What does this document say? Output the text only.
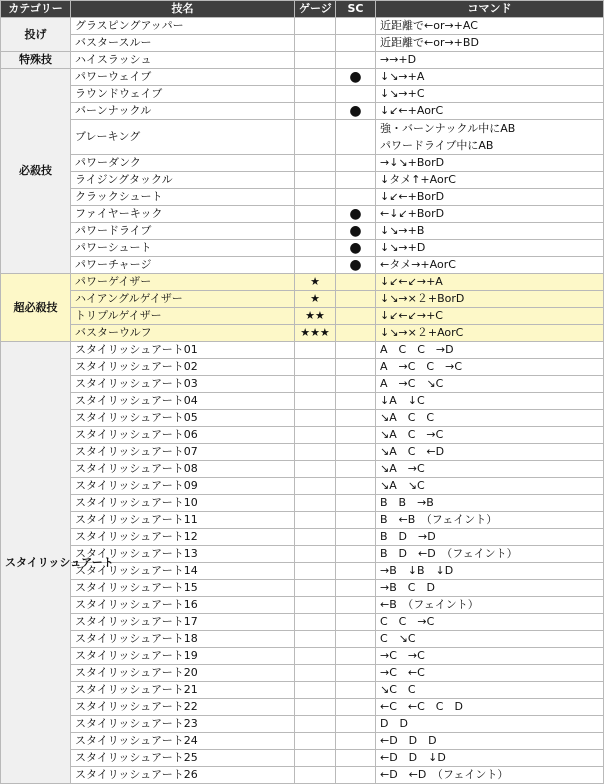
カテゴリー	技名	ゲージ	SC	コマンド
投げ	グラスピングアッパー			近距離で←or→+AC
	バスタースルー			近距離で←or→+BD
特殊技	ハイスラッシュ			→→+D
必殺技	パワーウェイブ		●	↓↘→+A
	ラウンドウェイブ			↓↘→+C
	バーンナックル		●	↓↙←+AorC
	ブレーキング			強・バーンナックル中にAB
パワードライブ中にAB

	パワーダンク			→↓↘+BorD
	ライジングタックル			↓タメ↑+AorC
	クラックシュート			↓↙←+BorD
	ファイヤーキック		●	←↓↙+BorD
	パワードライブ		●	↓↘→+B
	パワーシュート		●	↓↘→+D
	パワーチャージ		●	←タメ→+AorC
超必殺技	パワーゲイザー	★		↓↙←↙→+A
	ハイアングルゲイザー	★		↓↘→×２+BorD
	トリプルゲイザー	★★		↓↙←↙→+C
	バスターウルフ	★★★		↓↘→×２+AorC
スタイリッシュアート	スタイリッシュアート01			A　C　C　→D
	スタイリッシュアート02			A　→C　C　→C
	スタイリッシュアート03			A　→C　↘C
	スタイリッシュアート04			↓A　↓C
	スタイリッシュアート05			↘A　C　C
	スタイリッシュアート06			↘A　C　→C
	スタイリッシュアート07			↘A　C　←D
	スタイリッシュアート08			↘A　→C
	スタイリッシュアート09			↘A　↘C
	スタイリッシュアート10			B　B　→B
	スタイリッシュアート11			B　←B　（フェイント）
	スタイリッシュアート12			B　D　→D
	スタイリッシュアート13			B　D　←D　（フェイント）
	スタイリッシュアート14			→B　↓B　↓D
	スタイリッシュアート15			→B　C　D
	スタイリッシュアート16			←B　（フェイント）
	スタイリッシュアート17			C　C　→C
	スタイリッシュアート18			C　↘C
	スタイリッシュアート19			→C　→C
	スタイリッシュアート20			→C　←C
	スタイリッシュアート21			↘C　C
	スタイリッシュアート22			←C　←C　C　D
	スタイリッシュアート23			D　D
	スタイリッシュアート24			←D　D　D
	スタイリッシュアート25			←D　D　↓D
	スタイリッシュアート26			←D　←D　（フェイント）
